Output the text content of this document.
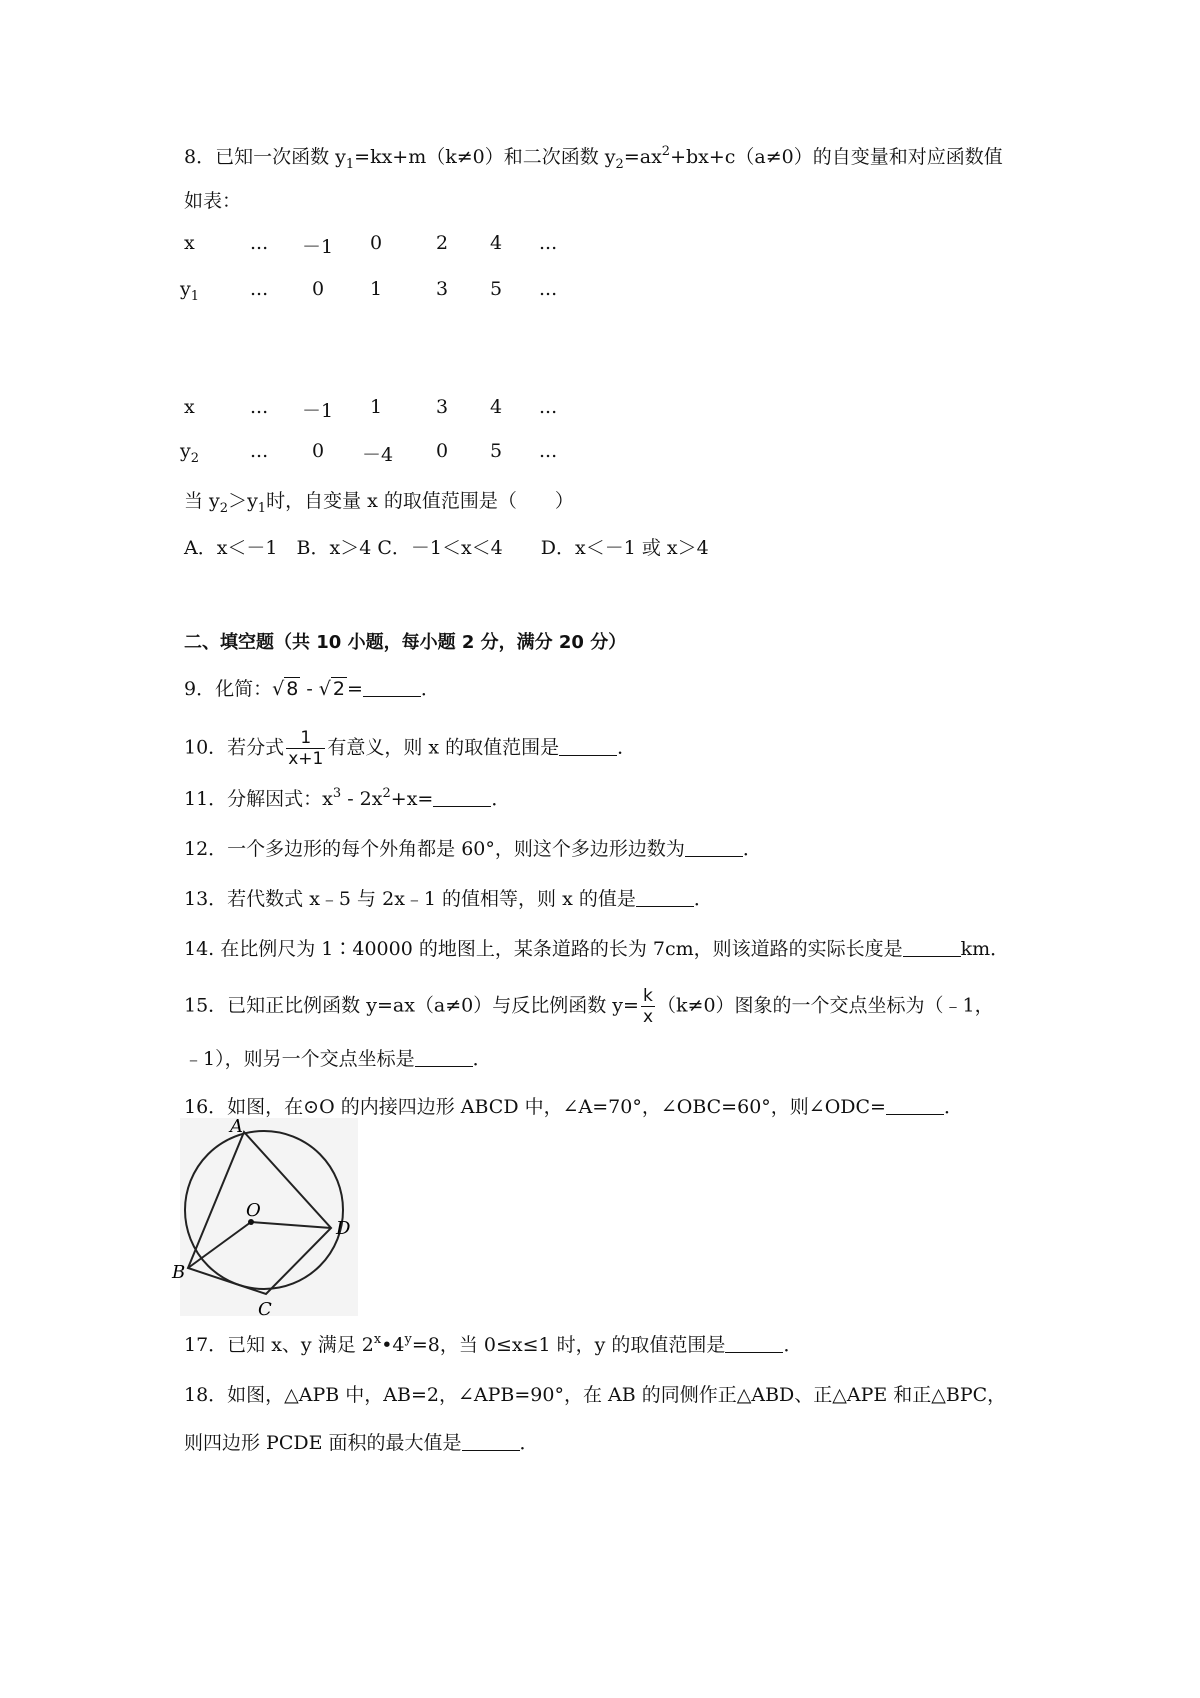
8．已知一次函数 $y_1=kx+m(k\ne 0)$和二次函数 $y_2=ax^2+bx+c(a\ne 0)$的自变量和对应函数值
如表：
x	... －1 0	2 4 ...
$y_1$	... 0 1	3 5 ...
x	... －1 1	3 4 ...
$y_2$	... 0 －4 0 5 ...
当 $y_2>y_1$时，自变量 x 的取值范围是（　　）
A．x＜－1　B．x＞4 C．－1＜x＜4　　D．x＜－1 或 x＞4
二、填空题（共 10 小题，每小题 2 分，满分 20 分）
9．化简：√ 8 - √ 2 =	．
10．若分式 $\frac{1}{x+1}$ 有意义，则 x 的取值范围是	．
11．分解因式：$x^3 - 2x^2+x=$	．
12．一个多边形的每个外角都是 60°，则这个多边形边数为	．
13．若代数式 x﹣5 与 2x﹣1 的值相等，则 x 的值是	．
14. 在比例尺为 1∶40000 的地图上，某条道路的长为 7cm，则该道路的实际长度是	km．
15．已知正比例函数 y=ax（a≠0）与反比例函数 $y= \frac{k}{x} (k\ne 0)$图象的一个交点坐标为（﹣1，
﹣1），则另一个交点坐标是	．
16．如图，在⊙O 的内接四边形 ABCD 中，∠A=70°，∠OBC=60°，则∠ODC=	．
A
B
C
D
O
17．已知 x、y 满足 $2^x•4^y=8$，当 0≤x≤1 时，y 的取值范围是	．
18．如图，△APB 中，AB=2，∠APB=90°，在 AB 的同侧作正△ABD、正△APE 和正△BPC，
则四边形 PCDE 面积的最大值是	．
